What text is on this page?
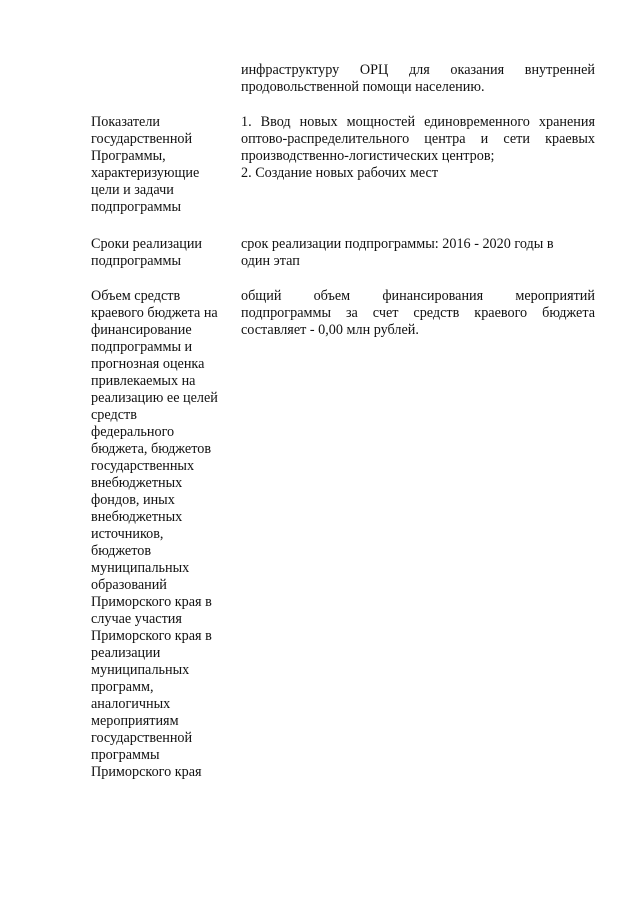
инфраструктуру ОРЦ для оказания внутренней
продовольственной помощи населению.
Показатели
государственной
Программы,
характеризующие
цели и задачи
подпрограммы
1. Ввод новых мощностей единовременного хранения
оптово-распределительного центра и сети краевых
производственно-логистических центров;
2. Создание новых рабочих мест
Сроки реализации
подпрограммы
срок реализации подпрограммы: 2016 - 2020 годы в
один этап
Объем средств
краевого бюджета на
финансирование
подпрограммы и
прогнозная оценка
привлекаемых на
реализацию ее целей
средств
федерального
бюджета, бюджетов
государственных
внебюджетных
фондов, иных
внебюджетных
источников,
бюджетов
муниципальных
образований
Приморского края в
случае участия
Приморского края в
реализации
муниципальных
программ,
аналогичных
мероприятиям
государственной
программы
Приморского края
общий объем финансирования мероприятий
подпрограммы за счет средств краевого бюджета
составляет - 0,00 млн рублей.
